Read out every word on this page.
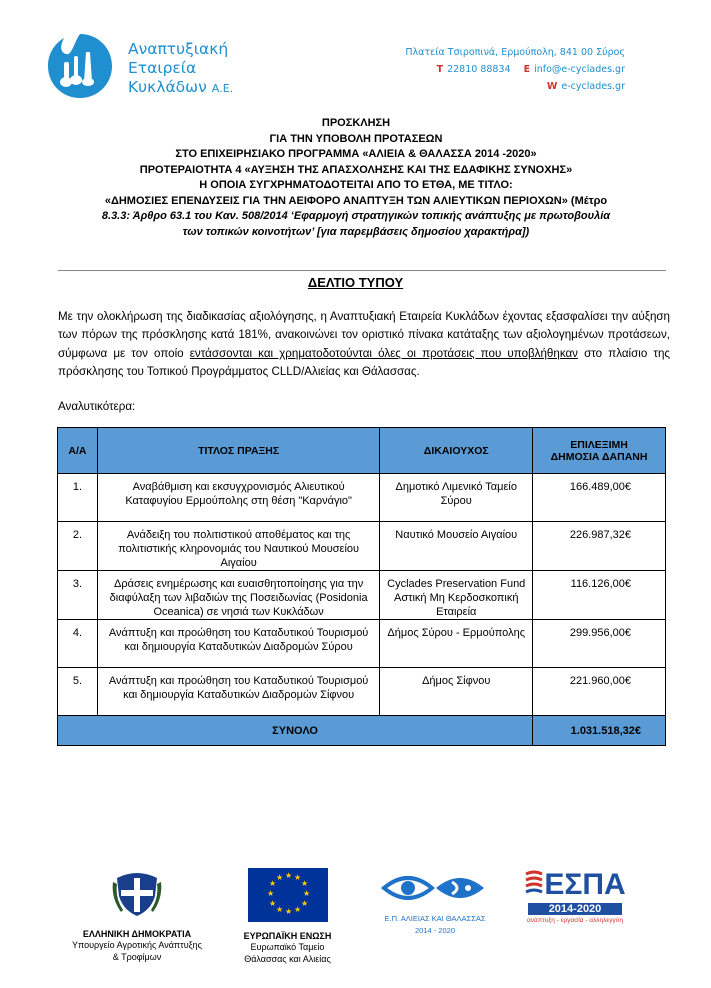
Αναπτυξιακή
Εταιρεία
Κυκλάδων Α.Ε.
Πλατεία Τσιροπινά, Ερμούπολη, 841 00 Σύρος
T 22810 88834 E info@e-cyclades.gr
W e-cyclades.gr
ΠΡΟΣΚΛΗΣΗ
ΓΙΑ ΤΗΝ ΥΠΟΒΟΛΗ ΠΡΟΤΑΣΕΩΝ
ΣΤΟ ΕΠΙΧΕΙΡΗΣΙΑΚΟ ΠΡΟΓΡΑΜΜΑ «ΑΛΙΕΙΑ & ΘΑΛΑΣΣΑ 2014 -2020»
ΠΡΟΤΕΡΑΙΟΤΗΤΑ 4 «ΑΥΞΗΣΗ ΤΗΣ ΑΠΑΣΧΟΛΗΣΗΣ ΚΑΙ ΤΗΣ ΕΔΑΦΙΚΗΣ ΣΥΝΟΧΗΣ»
Η ΟΠΟΙΑ ΣΥΓΧΡΗΜΑΤΟΔΟΤΕΙΤΑΙ ΑΠΟ ΤΟ ΕΤΘΑ, ΜΕ ΤΙΤΛΟ:
«ΔΗΜΟΣΙΕΣ ΕΠΕΝΔΥΣΕΙΣ ΓΙΑ ΤΗΝ ΑΕΙΦΟΡΟ ΑΝΑΠΤΥΞΗ ΤΩΝ ΑΛΙΕΥΤΙΚΩΝ ΠΕΡΙΟΧΩΝ» (Μέτρο
8.3.3: Άρθρο 63.1 του Καν. 508/2014 ‘Εφαρμογή στρατηγικών τοπικής ανάπτυξης με πρωτοβουλία
των τοπικών κοινοτήτων’ [για παρεμβάσεις δημοσίου χαρακτήρα])
ΔΕΛΤΙΟ ΤΥΠΟΥ
Με την ολοκλήρωση της διαδικασίας αξιολόγησης, η Αναπτυξιακή Εταιρεία Κυκλάδων έχοντας εξασφαλίσει την αύξηση των πόρων της πρόσκλησης κατά 181%, ανακοινώνει τον οριστικό πίνακα κατάταξης των αξιολογημένων προτάσεων, σύμφωνα με τον οποίο εντάσσονται και χρηματοδοτούνται όλες οι προτάσεις που υποβλήθηκαν στο πλαίσιο της πρόσκλησης του Τοπικού Προγράμματος CLLD/Αλιείας και Θάλασσας.
Αναλυτικότερα:
Α/Α	ΤΙΤΛΟΣ ΠΡΑΞΗΣ	ΔΙΚΑΙΟΥΧΟΣ	ΕΠΙΛΕΞΙΜΗ
ΔΗΜΟΣΙΑ ΔΑΠΑΝΗ

1.	Αναβάθμιση και εκσυγχρονισμός Αλιευτικού Καταφυγίου Ερμούπολης στη θέση "Καρνάγιο"	Δημοτικό Λιμενικό Ταμείο Σύρου	166.489,00€
2.	Ανάδειξη του πολιτιστικού αποθέματος και της πολιτιστικής κληρονομιάς του Ναυτικού Μουσείου Αιγαίου	Ναυτικό Μουσείο Αιγαίου	226.987,32€
3.	Δράσεις ενημέρωσης και ευαισθητοποίησης για την διαφύλαξη των λιβαδιών της Ποσειδωνίας (Posidonia Oceanica) σε νησιά των Κυκλάδων	Cyclades Preservation Fund Αστική Μη Κερδοσκοπική Εταιρεία	116.126,00€
4.	Ανάπτυξη και προώθηση του Καταδυτικού Τουρισμού και δημιουργία Καταδυτικών Διαδρομών Σύρου	Δήμος Σύρου - Ερμούπολης	299.956,00€
5.	Ανάπτυξη και προώθηση του Καταδυτικού Τουρισμού και δημιουργία Καταδυτικών Διαδρομών Σίφνου	Δήμος Σίφνου	221.960,00€
ΣΥΝΟΛΟ			1.031.518,32€
ΕΛΛΗΝΙΚΗ ΔΗΜΟΚΡΑΤΙΑ
Υπουργείο Αγροτικής Ανάπτυξης
& Τροφίμων
★ ★
★
★
★
★
★
★
★
★
★
★
ΕΥΡΩΠΑΪΚΗ ΕΝΩΣΗ
Ευρωπαϊκό Ταμείο
Θάλασσας και Αλιείας
Ε.Π. ΑΛΙΕΙΑΣ ΚΑΙ ΘΑΛΑΣΣΑΣ
2014 - 2020
ΕΣΠΑ
2014-2020
ανάπτυξη - εργασία - αλληλεγγύη
